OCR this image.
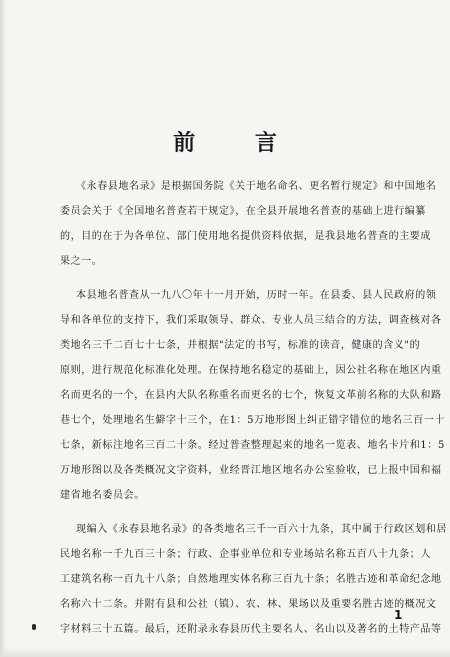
前 言
《永春县地名录》是根据国务院《关于地名命名、更名暂行规定》和中国地名
委员会关于《全国地名普查若干规定》，在全县开展地名普查的基础上进行编纂
的，目的在于为各单位、部门使用地名提供资料依据，是我县地名普查的主要成
果之一。
本县地名普查从一九八〇年十一月开始，历时一年。在县委、县人民政府的领
导和各单位的支持下，我们采取领导、群众、专业人员三结合的方法，调查核对各
类地名三千二百七十七条，并根据"法定的书写，标准的读音，健康的含义"的
原则，进行规范化标准化处理。在保持地名稳定的基础上，因公社名称在地区内重
名而更名的一个，在县内大队名称重名而更名的七个，恢复文革前名称的大队和路
巷七个，处理地名生僻字十三个，在1：5万地形图上纠正错字错位的地名三百一十
七条，新标注地名三百二十条。经过普查整理起来的地名一览表、地名卡片和1：5
万地形图以及各类概况文字资料，业经晋江地区地名办公室验收，已上报中国和福
建省地名委员会。
现编入《永春县地名录》的各类地名三千一百六十九条，其中属于行政区划和居
民地名称一千九百三十条；行政、企事业单位和专业场站名称五百八十九条；人
工建筑名称一百九十八条；自然地理实体名称三百九十条；名胜古迹和革命纪念地
名称六十二条。并附有县和公社（镇）、农、林、果场以及重要名胜古迹的概况文
字材料三十五篇。最后，还附录永春县历代主要名人、名山以及著名的土特产品等
1
